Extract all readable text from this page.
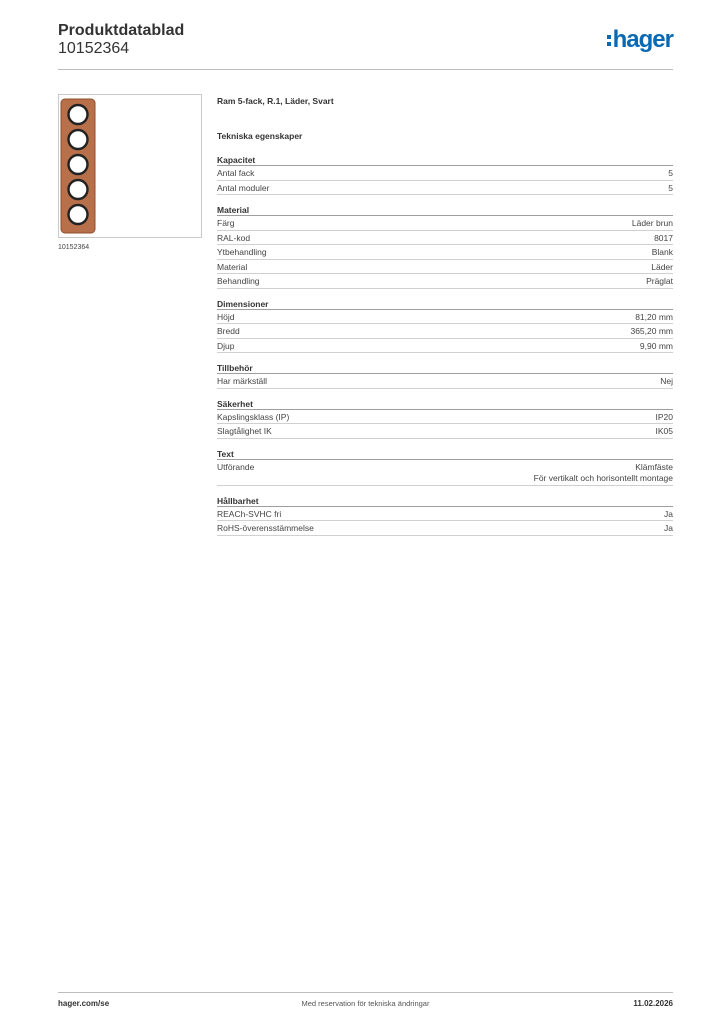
Produktdatablad
10152364	hager
10152364
Ram 5-fack, R.1, Läder, Svart
Tekniska egenskaper
Kapacitet
Antal fack	5
Antal moduler	5
Material
Färg	Läder brun
RAL-kod	8017
Ytbehandling	Blank
Material	Läder
Behandling	Präglat
Dimensioner
Höjd	81,20 mm
Bredd	365,20 mm
Djup	9,90 mm
Tillbehör
Har märkställ	Nej
Säkerhet
Kapslingsklass (IP)	IP20
Slagtålighet IK	IK05
Text
Utförande	Klämfäste
För vertikalt och horisontellt montage
Hållbarhet
REACh-SVHC fri	Ja
RoHS-överensstämmelse	Ja
hager.com/se	Med reservation för tekniska ändringar	11.02.2026
